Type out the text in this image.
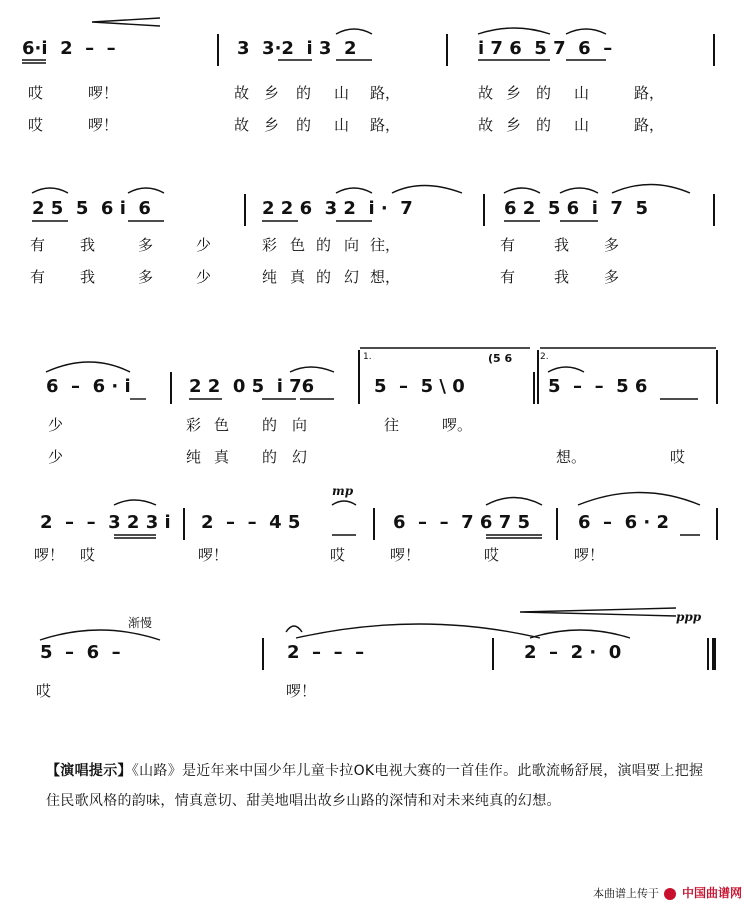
6·i  2  –  –

	3  3·2  i 3  2

	i 7 6  5 7  6  –

哎

	啰！

	故

乡

的

山

路，

	故

乡

的

山

	路，

哎

	啰！

	故

乡

的

山

路，

	故

乡

的

山

	路，

2 5  5  6 i  6

	2 2 6  3 2  i ·  7

	6 2  5 6  i  7  5

有

我

	多

	少

	彩

色

的

向

往，

	有

	我

多

有

我

	多

	少

	纯

真

的

幻

想，

	有

	我

多

1.	2.
(5 6

6  –  6 · i

	2 2  0 5  i 76

	5  –  5 \ 0

	5  –  –  5 6

少

	彩

色

的

向

	往

	啰。

少

	纯

真

的

幻

	想。

	哎

mp

2  –  –  3 2 3 i

2  –  –  4 5

	6  –  –  7 6 7 5

	6  –  6 · 2

啰！

哎

	啰！

	哎

	啰！

	哎

	啰！

渐慢	ppp

5  –  6  –

	2  –  –  –

	2  –  2 ·  0

哎

	啰！

【演唱提示】《山路》是近年来中国少年儿童卡拉OK电视大赛的一首佳作。此歌流畅舒展，演唱要上把握住民歌风格的韵味，情真意切、甜美地唱出故乡山路的深情和对未来纯真的幻想。
本曲谱上传于 中国曲谱网
